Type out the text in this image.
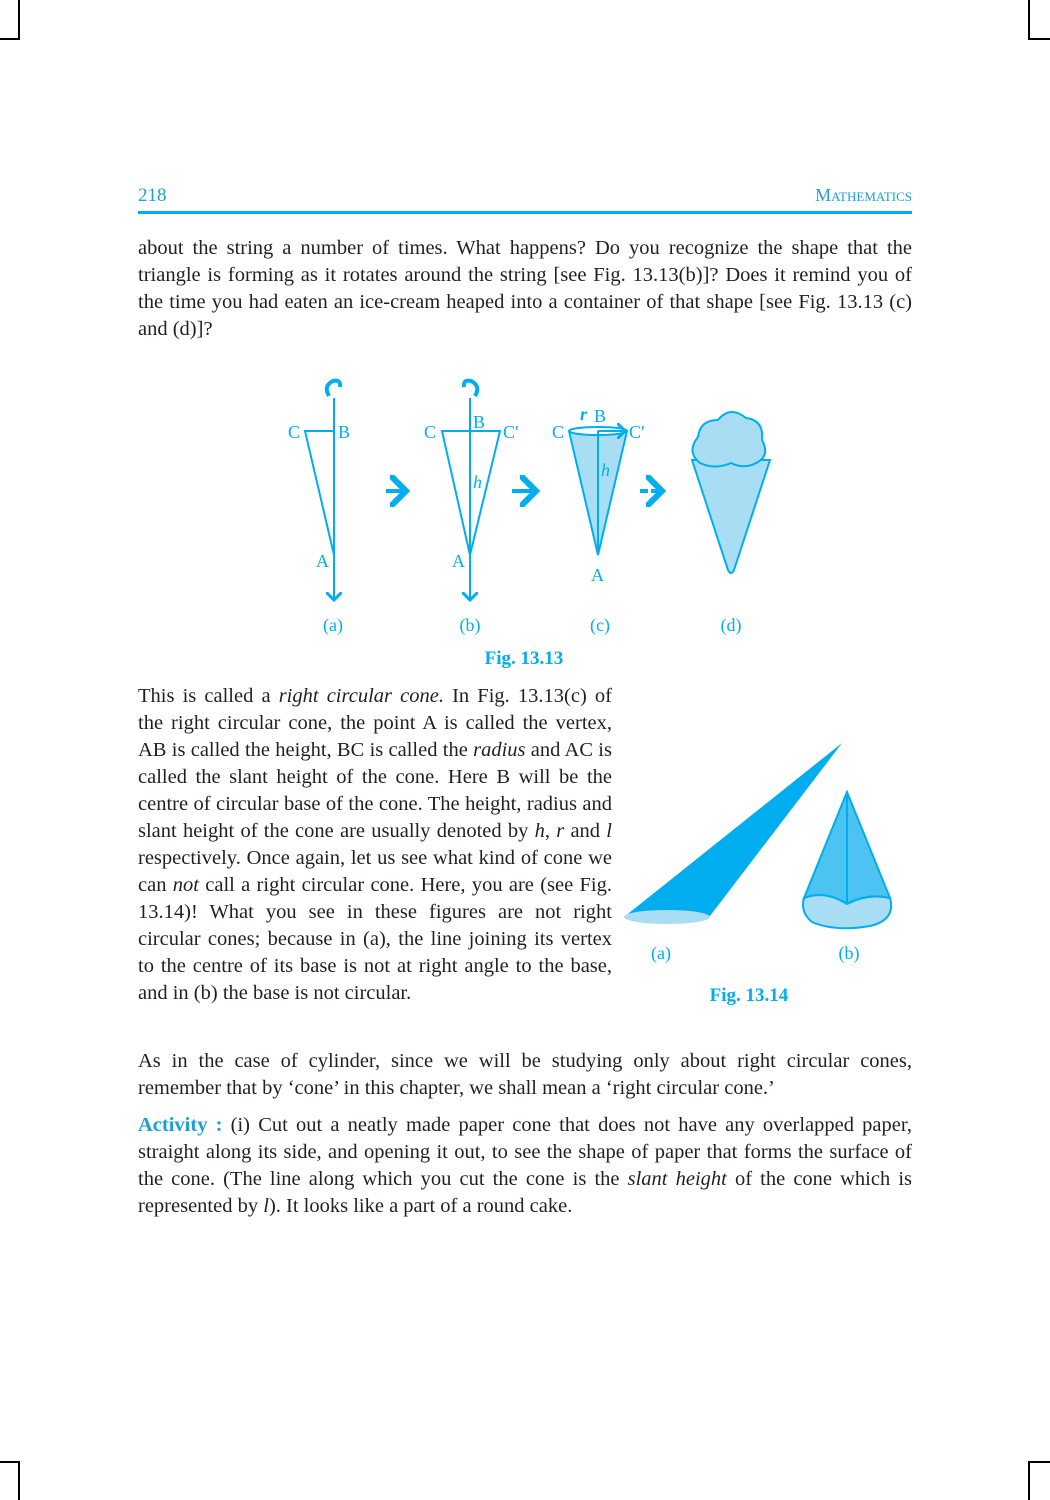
218	Mathematics

about the string a number of times. What happens? Do you recognize the shape that the triangle is forming as it rotates around the string [see Fig. 13.13(b)]? Does it remind you of the time you had eaten an ice-cream heaped into a container of that shape [see Fig. 13.13 (c) and (d)]?

This is called a right circular cone. In Fig. 13.13(c) of the right circular cone, the point A is called the vertex, AB is called the height, BC is called the radius and AC is called the slant height of the cone. Here B will be the centre of circular base of the cone. The height, radius and slant height of the cone are usually denoted by h, r and l respectively. Once again, let us see what kind of cone we can not call a right circular cone. Here, you are (see Fig. 13.14)! What you see in these figures are not right circular cones; because in (a), the line joining its vertex to the centre of its base is not at right angle to the base, and in (b) the base is not circular.

As in the case of cylinder, since we will be studying only about right circular cones, remember that by ‘cone’ in this chapter, we shall mean a ‘right circular cone.’

Activity : (i) Cut out a neatly made paper cone that does not have any overlapped paper, straight along its side, and opening it out, to see the shape of paper that forms the surface of the cone. (The line along which you cut the cone is the slant height of the cone which is represented by l). It looks like a part of a round cake.

C B
A
C B C′
h
A
C
r B
C′
h
A
(a)	(b)	(c)	(d)
Fig. 13.13
(a)	(b)
Fig. 13.14
